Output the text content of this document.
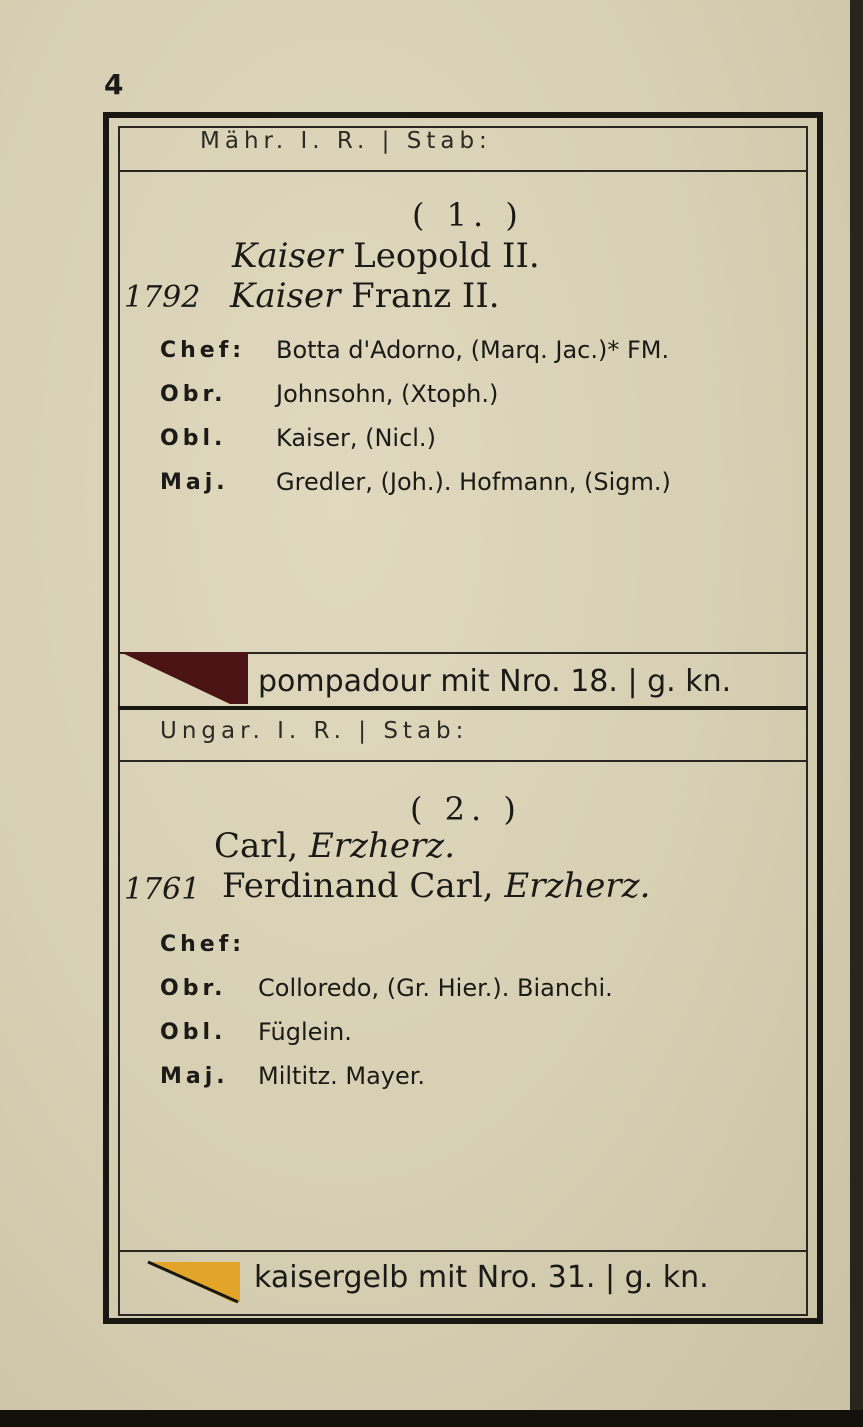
4
Mähr. I. R. | Stab:
( 1. )
Kaiser Leopold II.
1792 Kaiser Franz II.
Chef: Botta d'Adorno, (Marq. Jac.)* FM.
Obr. Johnsohn, (Xtoph.)
Obl. Kaiser, (Nicl.)
Maj. Gredler, (Joh.). Hofmann, (Sigm.)
pompadour mit Nro. 18. | g. kn.
Ungar. I. R. | Stab:
( 2. )
Carl, Erzherz.
1761 Ferdinand Carl, Erzherz.
Chef:
Obr. Colloredo, (Gr. Hier.). Bianchi.
Obl. Füglein.
Maj. Miltitz. Mayer.
kaisergelb mit Nro. 31. | g. kn.
